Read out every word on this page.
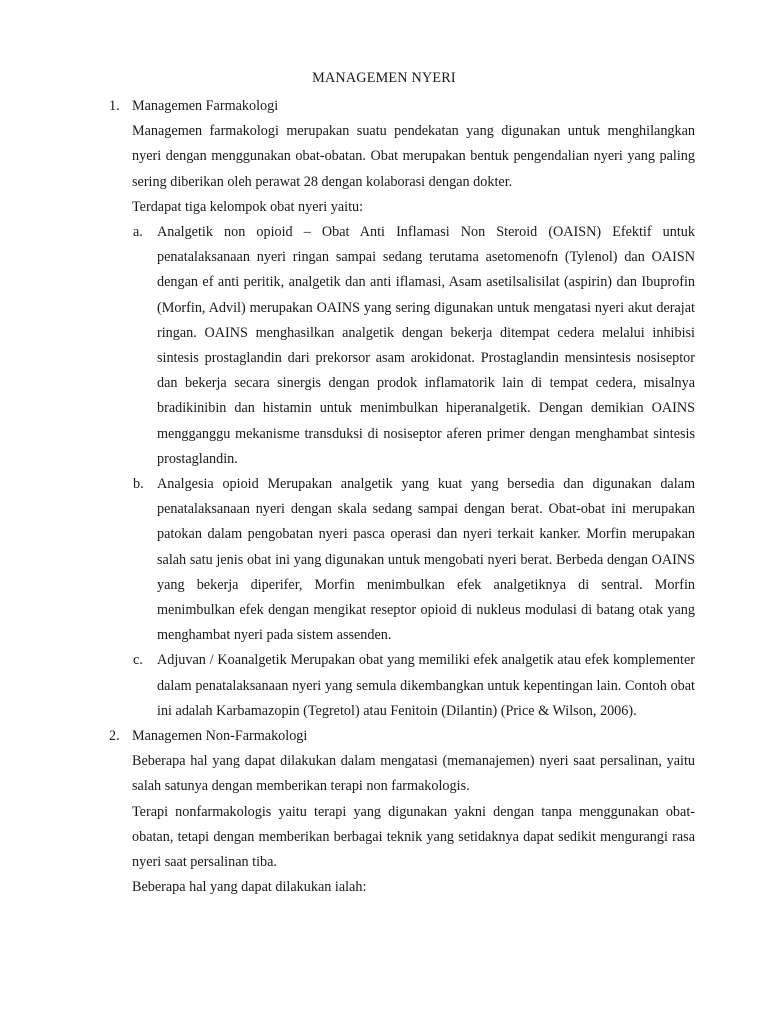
MANAGEMEN NYERI
1. Managemen Farmakologi

Managemen farmakologi merupakan suatu pendekatan yang digunakan untuk menghilangkan nyeri dengan menggunakan obat-obatan. Obat merupakan bentuk pengendalian nyeri yang paling sering diberikan oleh perawat 28 dengan kolaborasi dengan dokter.

Terdapat tiga kelompok obat nyeri yaitu:

a. Analgetik non opioid – Obat Anti Inflamasi Non Steroid (OAISN) Efektif untuk penatalaksanaan nyeri ringan sampai sedang terutama asetomenofn (Tylenol) dan OAISN dengan ef anti peritik, analgetik dan anti iflamasi, Asam asetilsalisilat (aspirin) dan Ibuprofin (Morfin, Advil) merupakan OAINS yang sering digunakan untuk mengatasi nyeri akut derajat ringan. OAINS menghasilkan analgetik dengan bekerja ditempat cedera melalui inhibisi sintesis prostaglandin dari prekorsor asam arokidonat. Prostaglandin mensintesis nosiseptor dan bekerja secara sinergis dengan prodok inflamatorik lain di tempat cedera, misalnya bradikinibin dan histamin untuk menimbulkan hiperanalgetik. Dengan demikian OAINS mengganggu mekanisme transduksi di nosiseptor aferen primer dengan menghambat sintesis prostaglandin.
b. Analgesia opioid Merupakan analgetik yang kuat yang bersedia dan digunakan dalam penatalaksanaan nyeri dengan skala sedang sampai dengan berat. Obat-obat ini merupakan patokan dalam pengobatan nyeri pasca operasi dan nyeri terkait kanker. Morfin merupakan salah satu jenis obat ini yang digunakan untuk mengobati nyeri berat. Berbeda dengan OAINS yang bekerja diperifer, Morfin menimbulkan efek analgetiknya di sentral. Morfin menimbulkan efek dengan mengikat reseptor opioid di nukleus modulasi di batang otak yang menghambat nyeri pada sistem assenden.
c. Adjuvan / Koanalgetik Merupakan obat yang memiliki efek analgetik atau efek komplementer dalam penatalaksanaan nyeri yang semula dikembangkan untuk kepentingan lain. Contoh obat ini adalah Karbamazopin (Tegretol) atau Fenitoin (Dilantin) (Price & Wilson, 2006).
2. Managemen Non-Farmakologi

Beberapa hal yang dapat dilakukan dalam mengatasi (memanajemen) nyeri saat persalinan, yaitu salah satunya dengan memberikan terapi non farmakologis.

Terapi nonfarmakologis yaitu terapi yang digunakan yakni dengan tanpa menggunakan obat-obatan, tetapi dengan memberikan berbagai teknik yang setidaknya dapat sedikit mengurangi rasa nyeri saat persalinan tiba.

Beberapa hal yang dapat dilakukan ialah:
